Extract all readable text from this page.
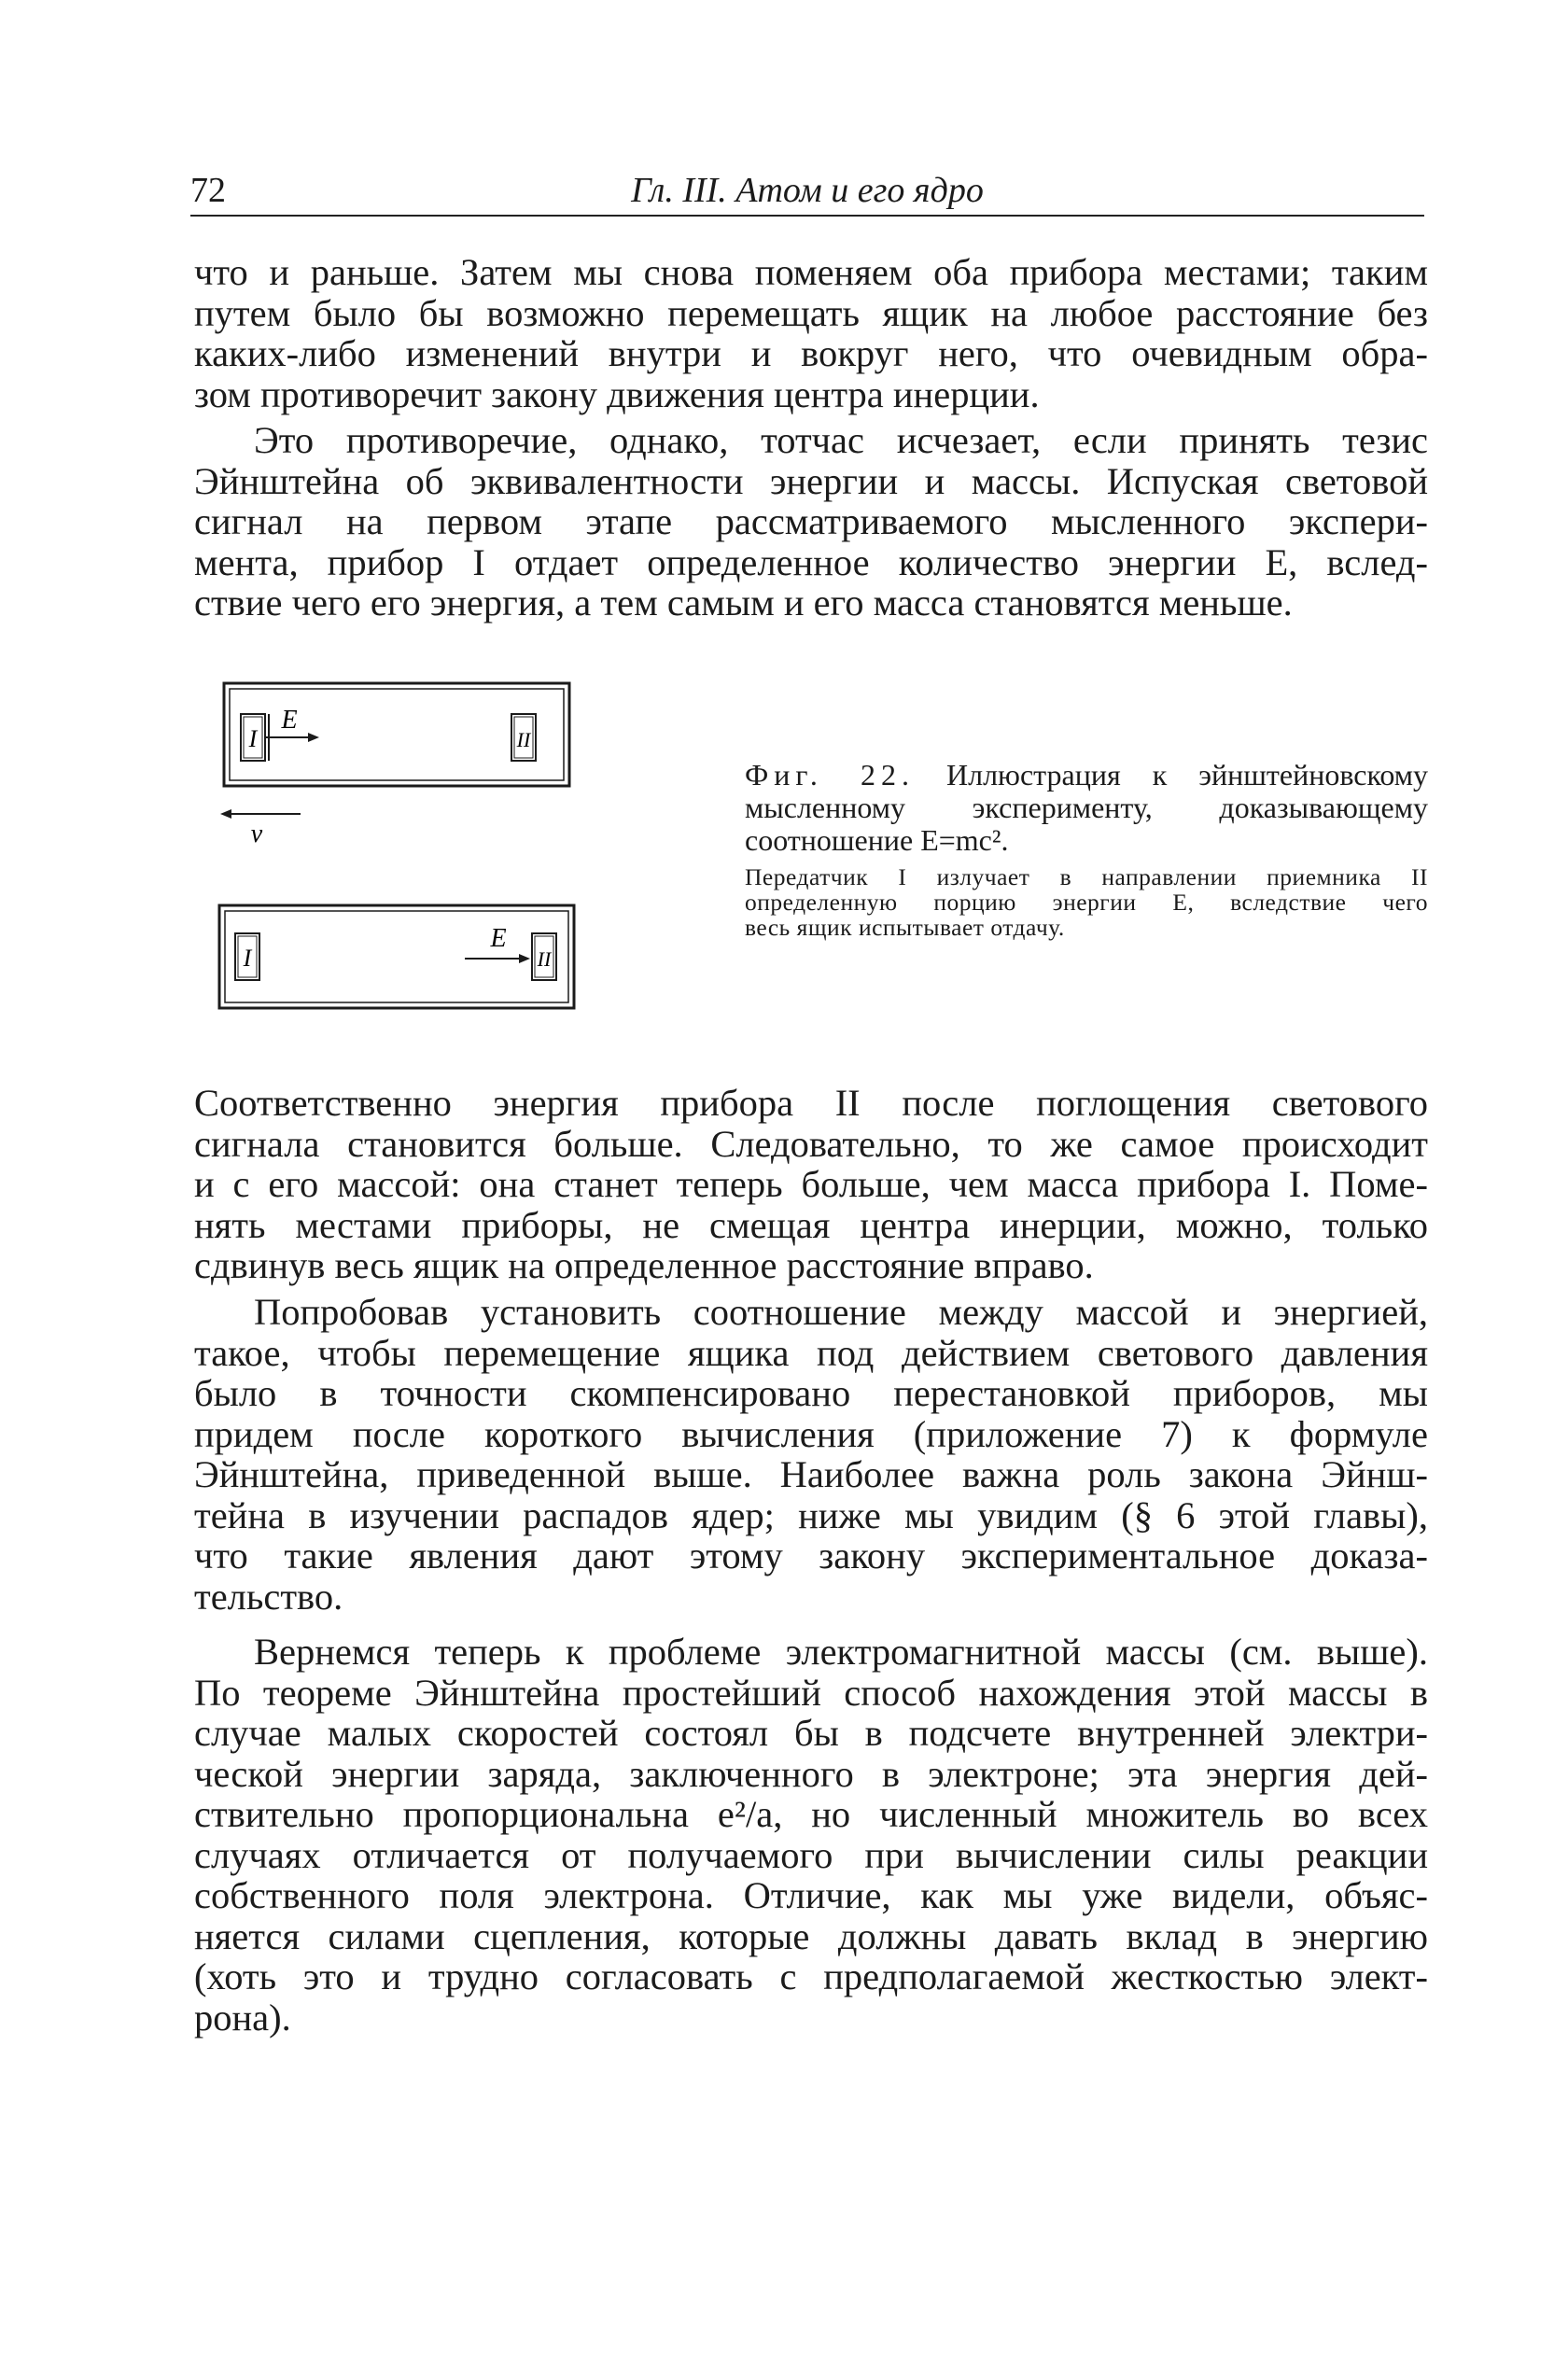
72	Гл. III. Атом и его ядро

что и раньше. Затем мы снова поменяем оба прибора местами; таким
путем было бы возможно перемещать ящик на любое расстояние без
каких-либо изменений внутри и вокруг него, что очевидным обра-
зом противоречит закону движения центра инерции.

Это противоречие, однако, тотчас исчезает, если принять тезис
Эйнштейна об эквивалентности энергии и массы. Испуская световой
сигнал на первом этапе рассматриваемого мысленного экспери-
мента, прибор I отдает определенное количество энергии E, вслед-
ствие чего его энергия, а тем самым и его масса становятся меньше.

I
E
II
v
I
E
II
Фиг. 22. Иллюстрация к эйнштейновскому
мысленному эксперименту, доказывающему
соотношение E=mc².
Передатчик I излучает в направлении приемника II
определенную порцию энергии E, вследствие чего
весь ящик испытывает отдачу.

Соответственно энергия прибора II после поглощения светового
сигнала становится больше. Следовательно, то же самое происходит
и с его массой: она станет теперь больше, чем масса прибора I. Поме-
нять местами приборы, не смещая центра инерции, можно, только
сдвинув весь ящик на определенное расстояние вправо.

Попробовав установить соотношение между массой и энергией,
такое, чтобы перемещение ящика под действием светового давления
было в точности скомпенсировано перестановкой приборов, мы
придем после короткого вычисления (приложение 7) к формуле
Эйнштейна, приведенной выше. Наиболее важна роль закона Эйнш-
тейна в изучении распадов ядер; ниже мы увидим (§ 6 этой главы),
что такие явления дают этому закону экспериментальное доказа-
тельство.

Вернемся теперь к проблеме электромагнитной массы (см. выше).
По теореме Эйнштейна простейший способ нахождения этой массы в
случае малых скоростей состоял бы в подсчете внутренней электри-
ческой энергии заряда, заключенного в электроне; эта энергия дей-
ствительно пропорциональна e²/a, но численный множитель во всех
случаях отличается от получаемого при вычислении силы реакции
собственного поля электрона. Отличие, как мы уже видели, объяс-
няется силами сцепления, которые должны давать вклад в энергию
(хоть это и трудно согласовать с предполагаемой жесткостью элект-
рона).
